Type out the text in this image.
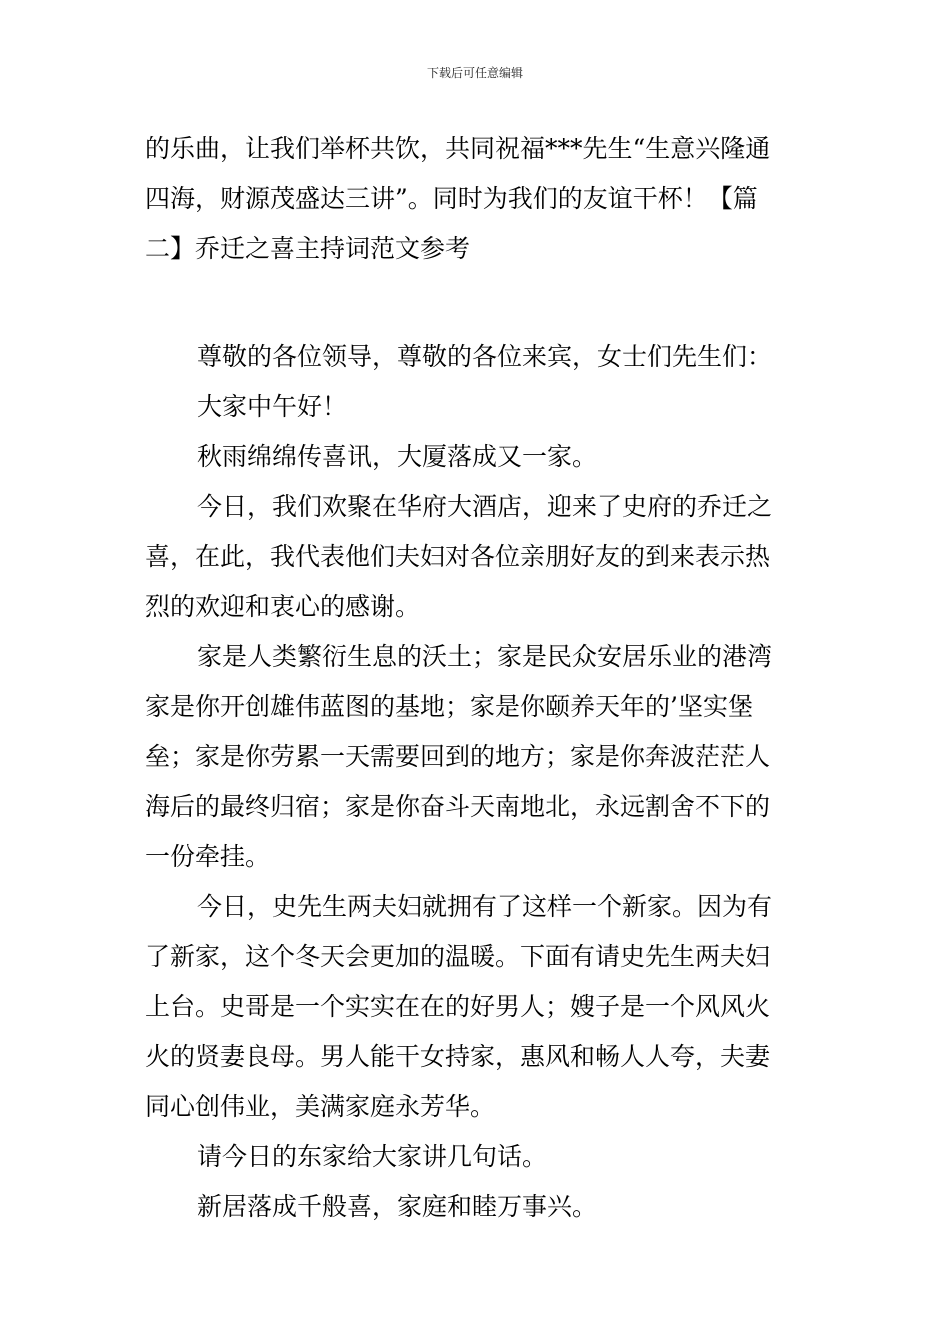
下载后可任意编辑
的乐曲，让我们举杯共饮，共同祝福***先生“生意兴隆通
四海，财源茂盛达三讲”。同时为我们的友谊干杯！【篇
二】乔迁之喜主持词范文参考
尊敬的各位领导，尊敬的各位来宾，女士们先生们：
大家中午好！
秋雨绵绵传喜讯，大厦落成又一家。
今日，我们欢聚在华府大酒店，迎来了史府的乔迁之
喜，在此，我代表他们夫妇对各位亲朋好友的到来表示热
烈的欢迎和衷心的感谢。
家是人类繁衍生息的沃土；家是民众安居乐业的港湾
家是你开创雄伟蓝图的基地；家是你颐养天年的’坚实堡
垒；家是你劳累一天需要回到的地方；家是你奔波茫茫人
海后的最终归宿；家是你奋斗天南地北，永远割舍不下的
一份牵挂。
今日，史先生两夫妇就拥有了这样一个新家。因为有
了新家，这个冬天会更加的温暖。下面有请史先生两夫妇
上台。史哥是一个实实在在的好男人；嫂子是一个风风火
火的贤妻良母。男人能干女持家，惠风和畅人人夸，夫妻
同心创伟业，美满家庭永芳华。
请今日的东家给大家讲几句话。
新居落成千般喜，家庭和睦万事兴。
